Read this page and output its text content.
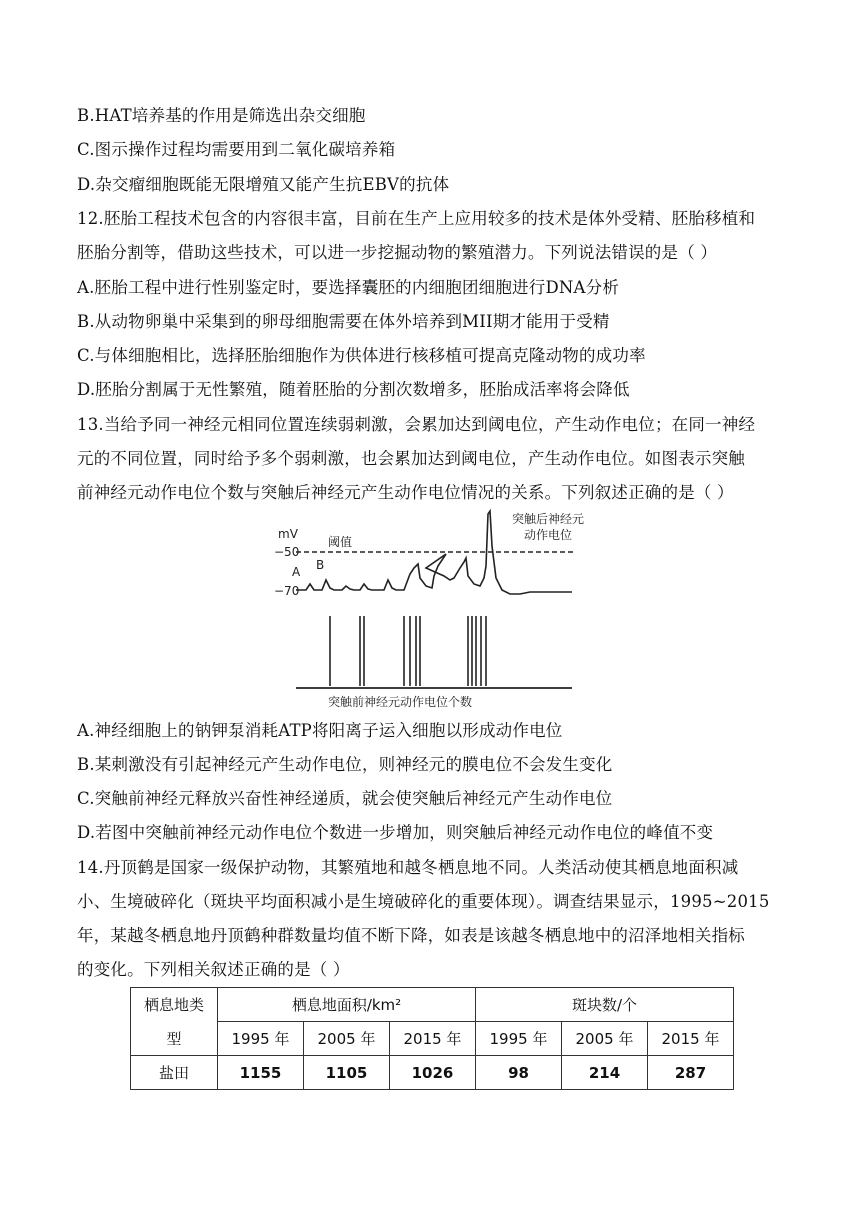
B.HAT培养基的作用是筛选出杂交细胞
C.图示操作过程均需要用到二氧化碳培养箱
D.杂交瘤细胞既能无限增殖又能产生抗EBV的抗体
12.胚胎工程技术包含的内容很丰富，目前在生产上应用较多的技术是体外受精、胚胎移植和
胚胎分割等，借助这些技术，可以进一步挖掘动物的繁殖潜力。下列说法错误的是（ ）
A.胚胎工程中进行性别鉴定时，要选择囊胚的内细胞团细胞进行DNA分析
B.从动物卵巢中采集到的卵母细胞需要在体外培养到MII期才能用于受精
C.与体细胞相比，选择胚胎细胞作为供体进行核移植可提高克隆动物的成功率
D.胚胎分割属于无性繁殖，随着胚胎的分割次数增多，胚胎成活率将会降低
13.当给予同一神经元相同位置连续弱刺激，会累加达到阈电位，产生动作电位；在同一神经
元的不同位置，同时给予多个弱刺激，也会累加达到阈电位，产生动作电位。如图表示突触
前神经元动作电位个数与突触后神经元产生动作电位情况的关系。下列叙述正确的是（ ）
mV
−50
−70
阈值
A B
突触后神经元
动作电位
突触前神经元动作电位个数
A.神经细胞上的钠钾泵消耗ATP将阳离子运入细胞以形成动作电位
B.某刺激没有引起神经元产生动作电位，则神经元的膜电位不会发生变化
C.突触前神经元释放兴奋性神经递质，就会使突触后神经元产生动作电位
D.若图中突触前神经元动作电位个数进一步增加，则突触后神经元动作电位的峰值不变
14.丹顶鹤是国家一级保护动物，其繁殖地和越冬栖息地不同。人类活动使其栖息地面积减
小、生境破碎化（斑块平均面积减小是生境破碎化的重要体现）。调查结果显示，1995~2015
年，某越冬栖息地丹顶鹤种群数量均值不断下降，如表是该越冬栖息地中的沼泽地相关指标
的变化。下列相关叙述正确的是（ ）
栖息地类	栖息地面积/km²			斑块数/个		
型	1995 年	2005 年	2015 年	1995 年	2005 年	2015 年
盐田	1155	1105	1026	98	214	287
